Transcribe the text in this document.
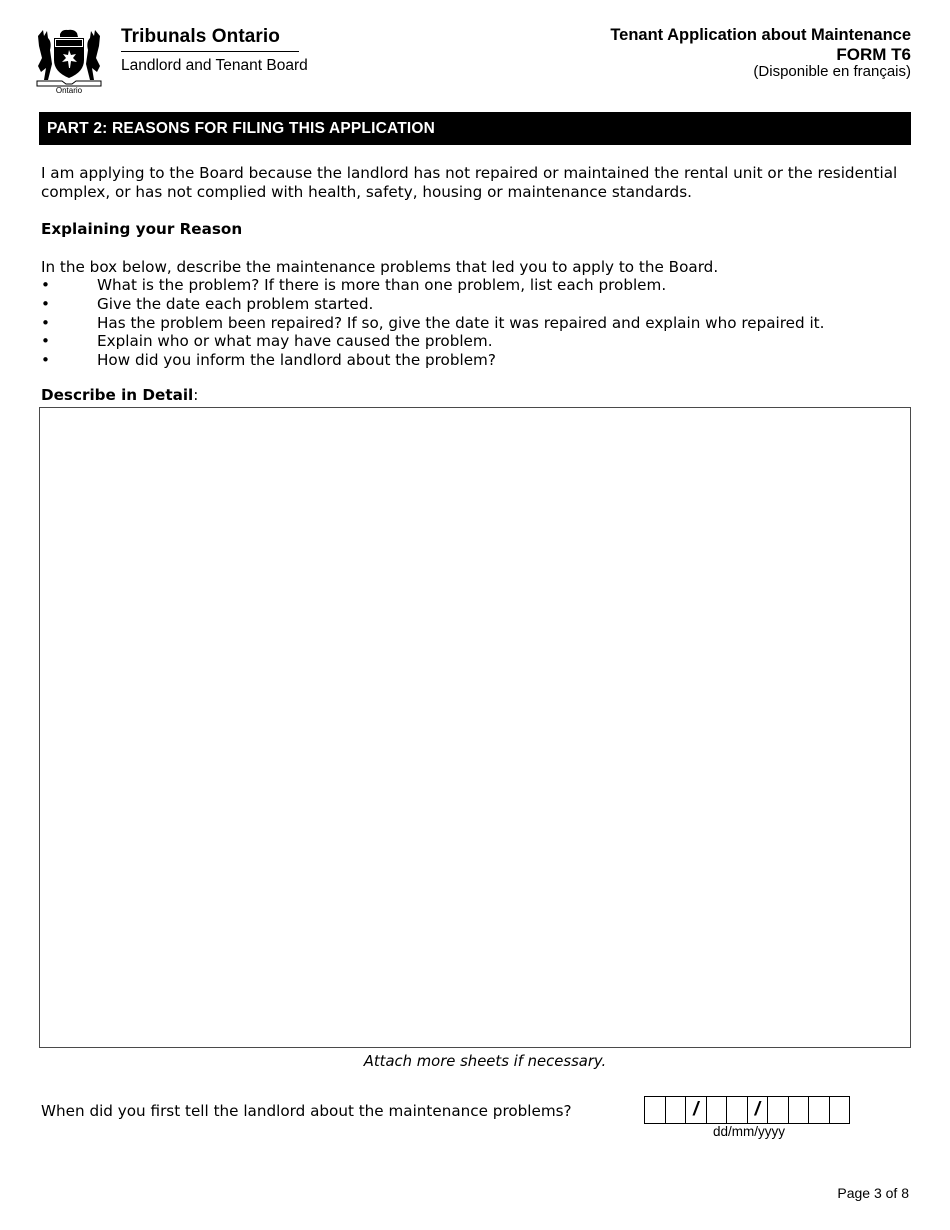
Ontario
Tribunals Ontario
Landlord and Tenant Board
Tenant Application about Maintenance
FORM T6
(Disponible en français)
PART 2: REASONS FOR FILING THIS APPLICATION
I am applying to the Board because the landlord has not repaired or maintained the rental unit or the residential complex, or has not complied with health, safety, housing or maintenance standards.
Explaining your Reason
In the box below, describe the maintenance problems that led you to apply to the Board.
•	What is the problem? If there is more than one problem, list each problem.
•	Give the date each problem started.
•	Has the problem been repaired? If so, give the date it was repaired and explain who repaired it.
•	Explain who or what may have caused the problem.
•	How did you inform the landlord about the problem?
Describe in Detail:
Attach more sheets if necessary.
When did you first tell the landlord about the maintenance problems?	/	/
dd/mm/yyyy
Page 3 of 8
